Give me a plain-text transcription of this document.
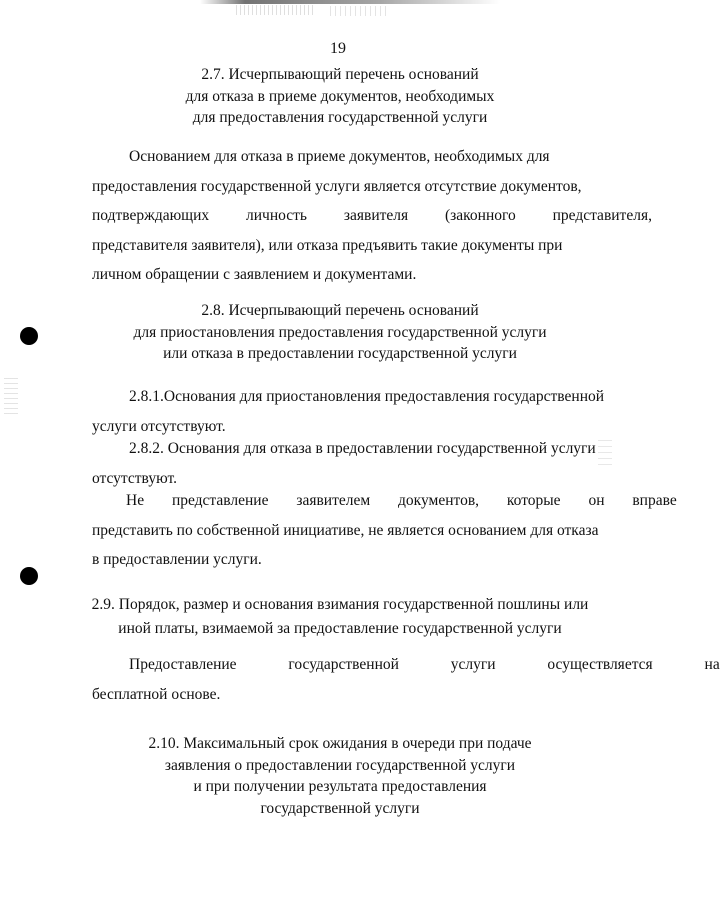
19
2.7. Исчерпывающий перечень оснований
для отказа в приеме документов, необходимых
для предоставления государственной услуги
Основанием для отказа в приеме документов, необходимых для
предоставления государственной услуги является отсутствие документов,
подтверждающих личность заявителя (законного представителя,
представителя заявителя), или отказа предъявить такие документы при
личном обращении с заявлением и документами.
2.8. Исчерпывающий перечень оснований
для приостановления предоставления государственной услуги
или отказа в предоставлении государственной услуги
2.8.1.Основания для приостановления предоставления государственной
услуги отсутствуют.
2.8.2. Основания для отказа в предоставлении государственной услуги
отсутствуют.
Не представление заявителем документов, которые он вправе
представить по собственной инициативе, не является основанием для отказа
в предоставлении услуги.
2.9. Порядок, размер и основания взимания государственной пошлины или
иной платы, взимаемой за предоставление государственной услуги
Предоставление государственной услуги осуществляется на
бесплатной основе.
2.10. Максимальный срок ожидания в очереди при подаче
заявления о предоставлении государственной услуги
и при получении результата предоставления
государственной услуги
